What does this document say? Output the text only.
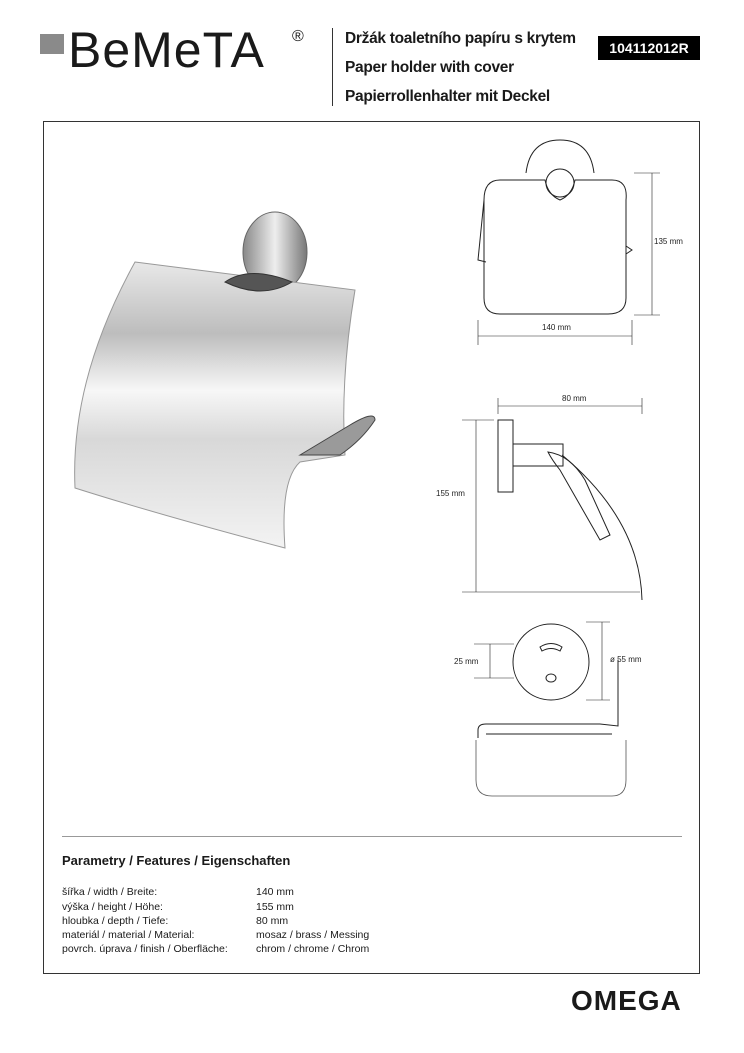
BeMeTA ®	Držák toaletního papíru s krytem
Paper holder with cover
Papierrollenhalter mit Deckel
104112012R
135 mm
140 mm
80 mm
155 mm
25 mm	ø 55 mm
Parametry / Features / Eigenschaften
šířka / width / Breite:	140 mm
výška / height / Höhe:	155 mm
hloubka / depth / Tiefe:	80 mm
materiál / material / Material:	mosaz / brass / Messing
povrch. úprava / finish / Oberfläche:	chrom / chrome / Chrom
OMEGA
